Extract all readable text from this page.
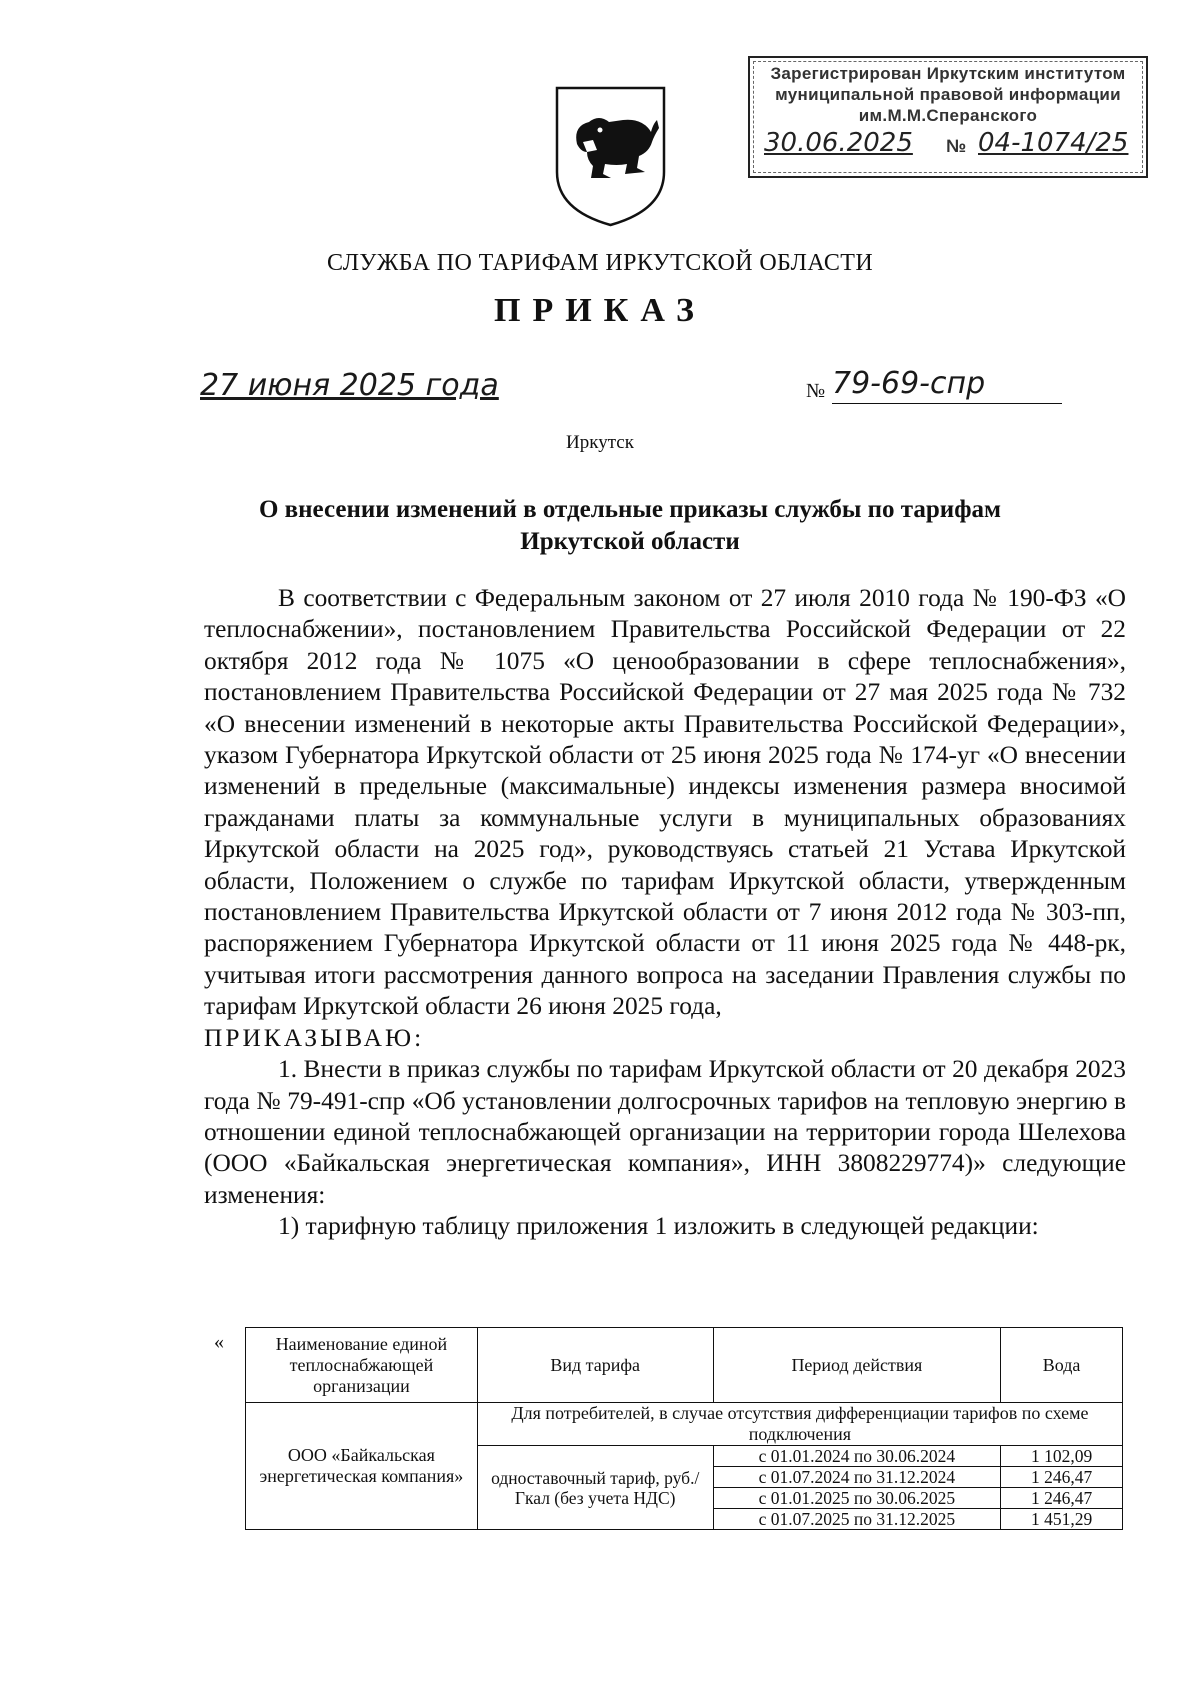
Зарегистрирован Иркутским институтом
муниципальной правовой информации
им.М.М.Сперанского
30.06.2025 № 04-1074/25
СЛУЖБА ПО ТАРИФАМ ИРКУТСКОЙ ОБЛАСТИ
ПРИКАЗ
27 июня 2025 года	№ 79-69-спр
Иркутск
О внесении изменений в отдельные приказы службы по тарифам
Иркутской области

В соответствии с Федеральным законом от 27 июля 2010 года № 190-ФЗ «О теплоснабжении», постановлением Правительства Российской Федерации от 22 октября 2012 года № 1075 «О ценообразовании в сфере теплоснабжения», постановлением Правительства Российской Федерации от 27 мая 2025 года № 732 «О внесении изменений в некоторые акты Правительства Российской Федерации», указом Губернатора Иркутской области от 25 июня 2025 года № 174-уг «О внесении изменений в предельные (максимальные) индексы изменения размера вносимой гражданами платы за коммунальные услуги в муниципальных образованиях Иркутской области на 2025 год», руководствуясь статьей 21 Устава Иркутской области, Положением о службе по тарифам Иркутской области, утвержденным постановлением Правительства Иркутской области от 7 июня 2012 года № 303-пп, распоряжением Губернатора Иркутской области от 11 июня 2025 года № 448-рк, учитывая итоги рассмотрения данного вопроса на заседании Правления службы по тарифам Иркутской области 26 июня 2025 года,

ПРИКАЗЫВАЮ:

1. Внести в приказ службы по тарифам Иркутской области от 20 декабря 2023 года № 79-491-спр «Об установлении долгосрочных тарифов на тепловую энергию в отношении единой теплоснабжающей организации на территории города Шелехова (ООО «Байкальская энергетическая компания», ИНН 3808229774)» следующие изменения:

1) тарифную таблицу приложения 1 изложить в следующей редакции:

«	Наименование единой теплоснабжающей организации	Вид тарифа	Период действия	Вода
ООО «Байкальская энергетическая компания»	Для потребителей, в случае отсутствия дифференциации тарифов по схеме подключения		
	одноставочный тариф, руб./Гкал (без учета НДС)	с 01.01.2024 по 30.06.2024	1 102,09
		с 01.07.2024 по 31.12.2024	1 246,47
		с 01.01.2025 по 30.06.2025	1 246,47
		с 01.07.2025 по 31.12.2025	1 451,29
